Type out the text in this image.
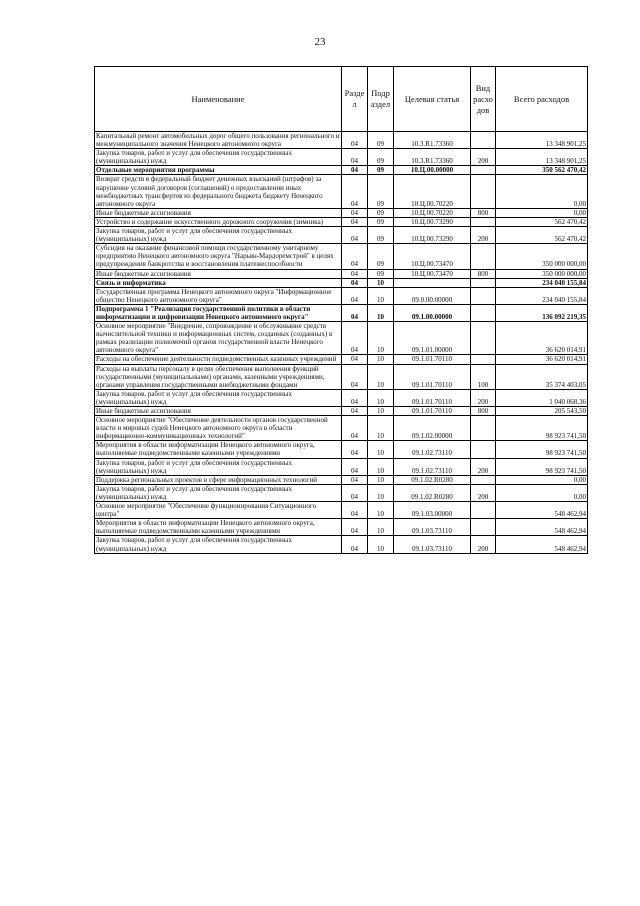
23
Наименование	Разде л	Подр аздел	Целевая статья	Вид расхо дов	Всего расходов
Капитальный ремонт автомобильных дорог общего пользования регионального и межмуниципального значения Ненецкого автономного округа	04	09	10.3.R1.73360		13 348 901,25
Закупка товаров, работ и услуг для обеспечения государственных (муниципальных) нужд	04	09	10.3.R1.73360	200	13 348 901,25
Отдельные мероприятия программы	04	09	10.Ц.00.00000		350 562 470,42
Возврат средств в федеральный бюджет денежных взысканий (штрафов) за нарушение условий договоров (соглашений) о предоставлении иных межбюджетных трансфертов из федерального бюджета бюджету Ненецкого автономного округа	04	09	10.Ц.00.70220		0,00
Иные бюджетные ассигнования	04	09	10.Ц.00.70220	800	0,00
Устройство и содержание искусственного дорожного сооружения (зимника)	04	09	10.Ц.00.73290		562 470,42
Закупка товаров, работ и услуг для обеспечения государственных (муниципальных) нужд	04	09	10.Ц.00.73290	200	562 470,42
Субсидия на оказание финансовой помощи государственному унитарному предприятию Ненецкого автономного округа "Нарьян-Мардоремстрой" в целях предупреждения банкротства и восстановления платежеспособности	04	09	10.Ц.00.73470		350 000 000,00
Иные бюджетные ассигнования	04	09	10.Ц.00.73470	800	350 000 000,00
Связь и информатика	04	10			234 040 155,84
Государственная программа Ненецкого автономного округа "Информационное общество Ненецкого автономного округа"	04	10	09.0.00.00000		234 040 155,84
Подпрограмма 1 "Реализация государственной политики в области информатизации и цифровизации Ненецкого автономного округа"	04	10	09.1.00.00000		136 092 219,35
Основное мероприятие "Внедрение, сопровождение и обслуживание средств вычислительной техники и информационных систем, созданных (созданных) в рамках реализации полномочий органов государственной власти Ненецкого автономного округа"	04	10	09.1.01.00000		36 620 014,91
Расходы на обеспечение деятельности подведомственных казенных учреждений	04	10	09.1.01.70110		36 620 014,91
Расходы на выплаты персоналу в целях обеспечения выполнения функций государственными (муниципальными) органами, казенными учреждениями, органами управления государственными внебюджетными фондами	04	10	09.1.01.70110	100	35 374 403,05
Закупка товаров, работ и услуг для обеспечения государственных (муниципальных) нужд	04	10	09.1.01.70110	200	1 040 068,36
Иные бюджетные ассигнования	04	10	09.1.01.70110	800	205 543,50
Основное мероприятие "Обеспечение деятельности органов государственной власти и мировых судей Ненецкого автономного округа в области информационно-коммуникационных технологий"	04	10	09.1.02.00000		98 923 741,50
Мероприятия в области информатизации Ненецкого автономного округа, выполняемые подведомственными казенными учреждениями	04	10	09.1.02.73110		98 923 741,50
Закупка товаров, работ и услуг для обеспечения государственных (муниципальных) нужд	04	10	09.1.02.73110	200	98 923 741,50
Поддержка региональных проектов в сфере информационных технологий	04	10	09.1.02.R0280		0,00
Закупка товаров, работ и услуг для обеспечения государственных (муниципальных) нужд	04	10	09.1.02.R0280	200	0,00
Основное мероприятие "Обеспечение функционирования Ситуационного центра"	04	10	09.1.03.00000		548 462,94
Мероприятия в области информатизации Ненецкого автономного округа, выполняемые подведомственными казенными учреждениями	04	10	09.1.03.73110		548 462,94
Закупка товаров, работ и услуг для обеспечения государственных (муниципальных) нужд	04	10	09.1.03.73110	200	548 462,94
